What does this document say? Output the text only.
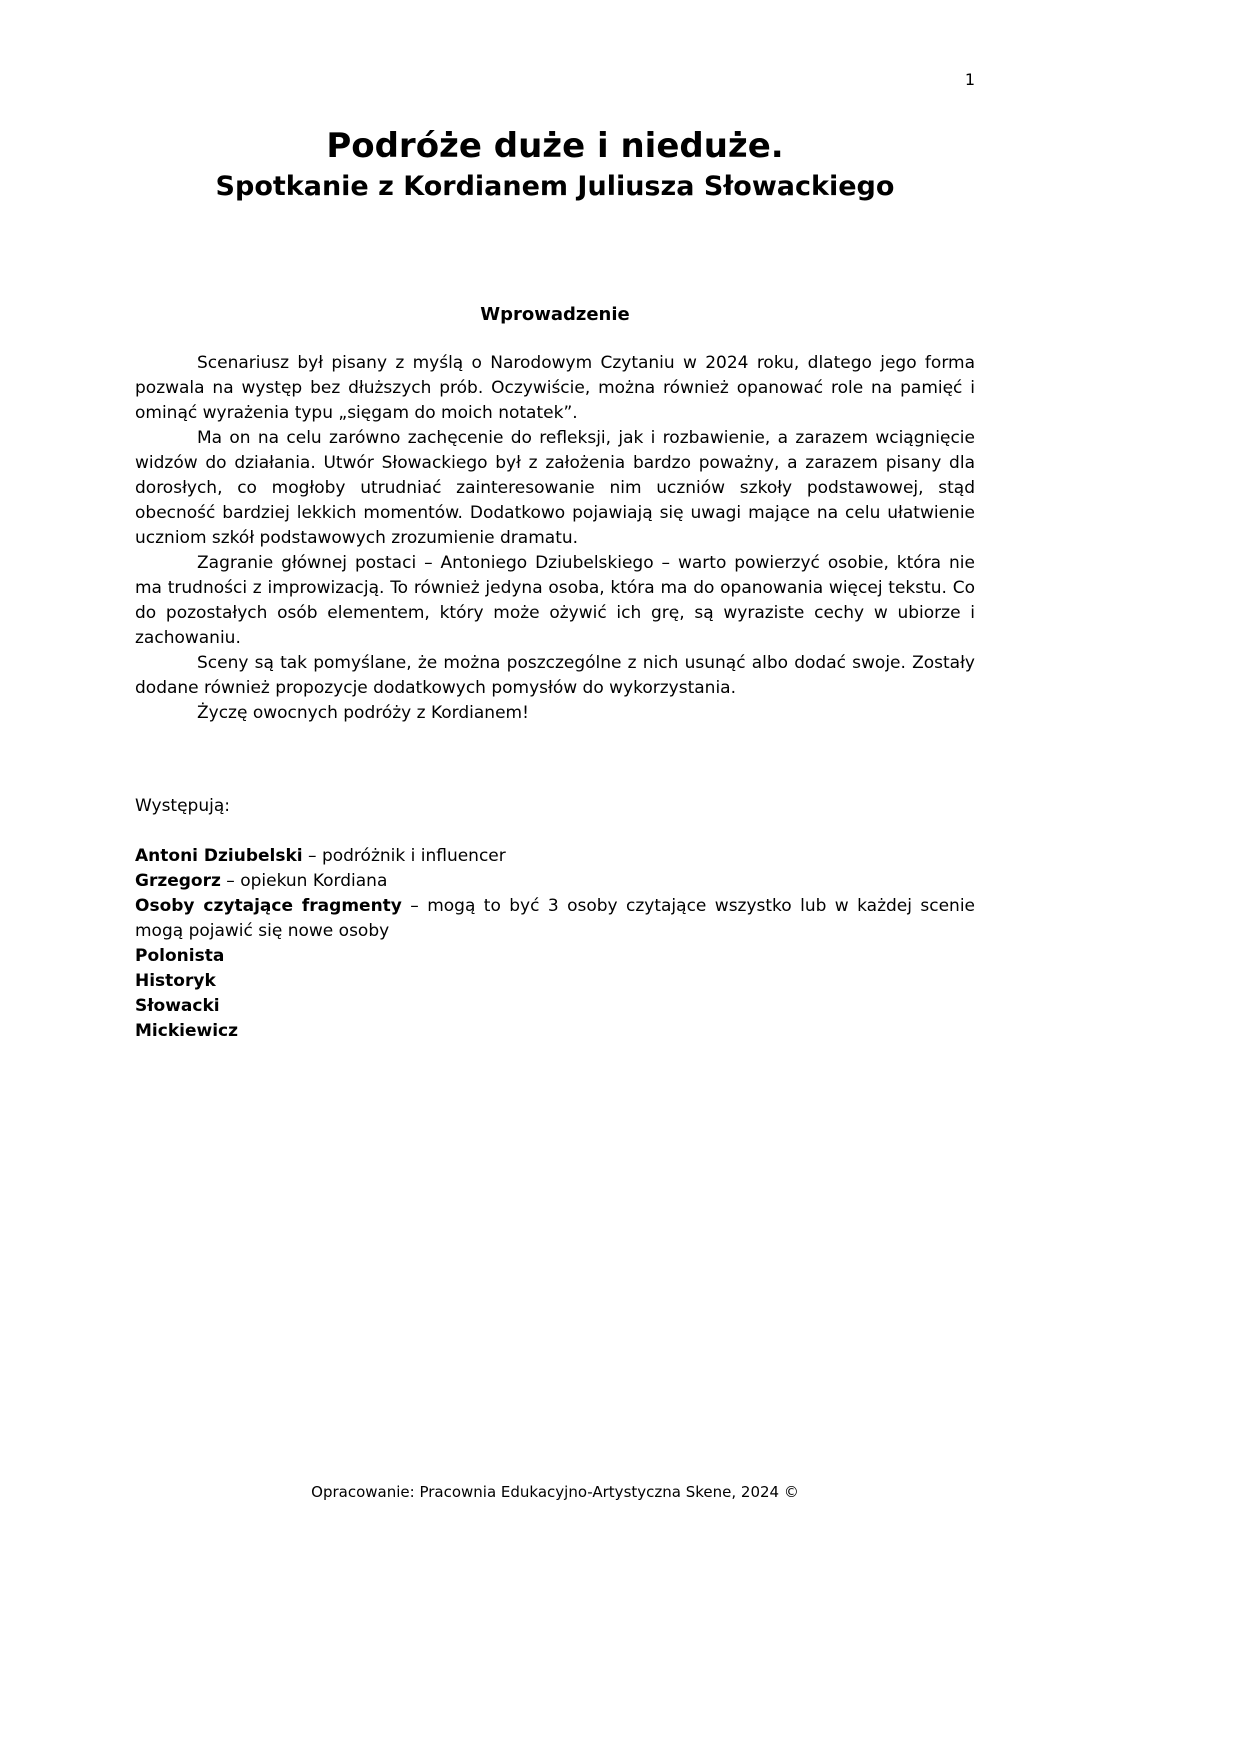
1
Podróże duże i nieduże.
Spotkanie z Kordianem Juliusza Słowackiego
Wprowadzenie

Scenariusz był pisany z myślą o Narodowym Czytaniu w 2024 roku, dlatego jego forma pozwala na występ bez dłuższych prób. Oczywiście, można również opanować role na pamięć i ominąć wyrażenia typu „sięgam do moich notatek”.

Ma on na celu zarówno zachęcenie do refleksji, jak i rozbawienie, a zarazem wciągnięcie widzów do działania. Utwór Słowackiego był z założenia bardzo poważny, a zarazem pisany dla dorosłych, co mogłoby utrudniać zainteresowanie nim uczniów szkoły podstawowej, stąd obecność bardziej lekkich momentów. Dodatkowo pojawiają się uwagi mające na celu ułatwienie uczniom szkół podstawowych zrozumienie dramatu.

Zagranie głównej postaci – Antoniego Dziubelskiego – warto powierzyć osobie, która nie ma trudności z improwizacją. To również jedyna osoba, która ma do opanowania więcej tekstu. Co do pozostałych osób elementem, który może ożywić ich grę, są wyraziste cechy w ubiorze i zachowaniu.

Sceny są tak pomyślane, że można poszczególne z nich usunąć albo dodać swoje. Zostały dodane również propozycje dodatkowych pomysłów do wykorzystania.

Życzę owocnych podróży z Kordianem!

Występują:

Antoni Dziubelski – podróżnik i influencer

Grzegorz – opiekun Kordiana

Osoby czytające fragmenty – mogą to być 3 osoby czytające wszystko lub w każdej scenie mogą pojawić się nowe osoby

Polonista

Historyk

Słowacki

Mickiewicz

Opracowanie: Pracownia Edukacyjno-Artystyczna Skene, 2024 ©
